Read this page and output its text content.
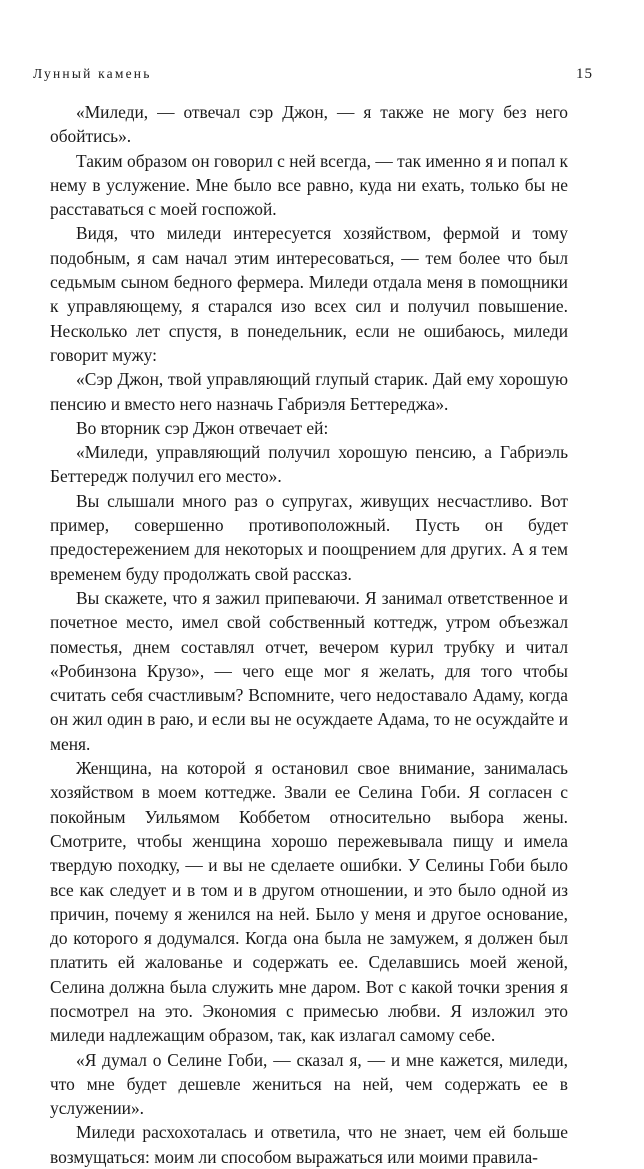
Лунный камень	15

«Миледи, — отвечал сэр Джон, — я также не могу без него обойтись».

Таким образом он говорил с ней всегда, — так именно я и попал к нему в услужение. Мне было все равно, куда ни ехать, только бы не расставаться с моей госпожой.

Видя, что миледи интересуется хозяйством, фермой и тому подобным, я сам начал этим интересоваться, — тем более что был седьмым сыном бедного фермера. Миледи отдала меня в помощники к управляющему, я старался изо всех сил и получил повышение. Несколько лет спустя, в понедельник, если не ошибаюсь, миледи говорит мужу:

«Сэр Джон, твой управляющий глупый старик. Дай ему хорошую пенсию и вместо него назначь Габриэля Беттереджа».

Во вторник сэр Джон отвечает ей:

«Миледи, управляющий получил хорошую пенсию, а Габриэль Беттередж получил его место».

Вы слышали много раз о супругах, живущих несчастливо. Вот пример, совершенно противоположный. Пусть он будет предостережением для некоторых и поощрением для других. А я тем временем буду продолжать свой рассказ.

Вы скажете, что я зажил припеваючи. Я занимал ответственное и почетное место, имел свой собственный коттедж, утром объезжал поместья, днем составлял отчет, вечером курил трубку и читал «Робинзона Крузо», — чего еще мог я желать, для того чтобы считать себя счастливым? Вспомните, чего недоставало Адаму, когда он жил один в раю, и если вы не осуждаете Адама, то не осуждайте и меня.

Женщина, на которой я остановил свое внимание, занималась хозяйством в моем коттедже. Звали ее Селина Гоби. Я согласен с покойным Уильямом Коббетом относительно выбора жены. Смотрите, чтобы женщина хорошо пережевывала пищу и имела твердую походку, — и вы не сделаете ошибки. У Селины Гоби было все как следует и в том и в другом отношении, и это было одной из причин, почему я женился на ней. Было у меня и другое основание, до которого я додумался. Когда она была не замужем, я должен был платить ей жалованье и содержать ее. Сделавшись моей женой, Селина должна была служить мне даром. Вот с какой точки зрения я посмотрел на это. Экономия с примесью любви. Я изложил это миледи надлежащим образом, так, как излагал самому себе.

«Я думал о Селине Гоби, — сказал я, — и мне кажется, миледи, что мне будет дешевле жениться на ней, чем содержать ее в услужении».

Миледи расхохоталась и ответила, что не знает, чем ей больше возмущаться: моим ли способом выражаться или моими правила-
